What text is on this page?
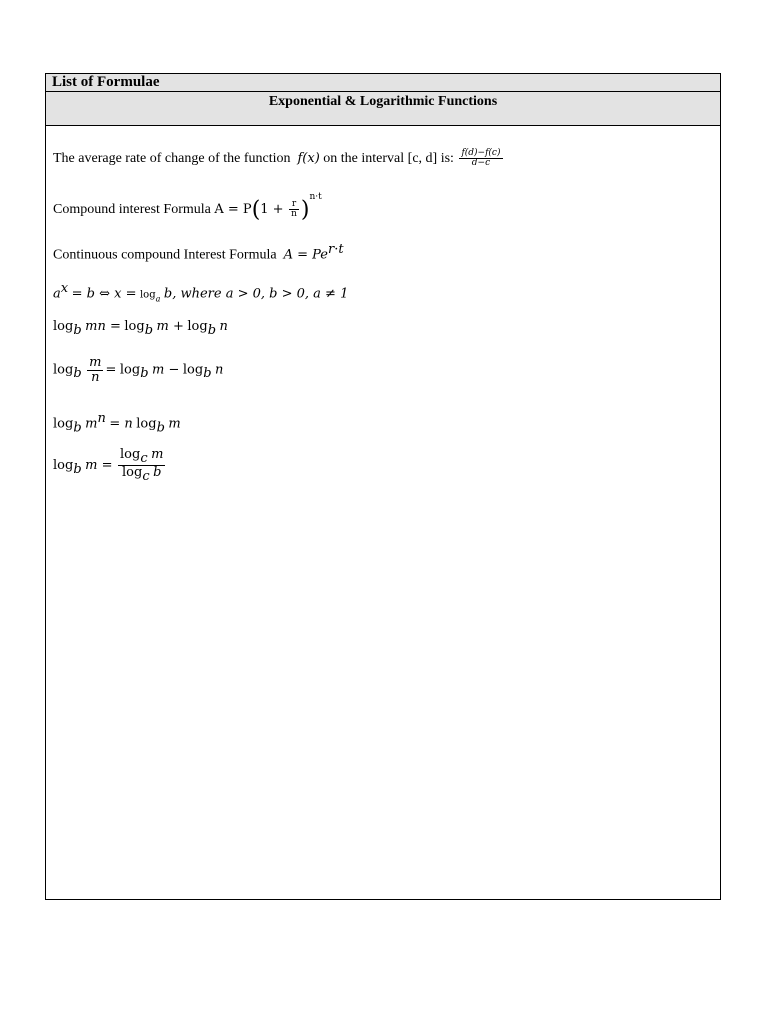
List of Formulae
Exponential & Logarithmic Functions
The average rate of change of the function f(x) on the interval [c, d] is: $\frac{f(d)-f(c)}{d-c}$
Compound interest Formula $A = P(1 + \frac{r}{n} )^{n\cdot t}$
Continuous compound Interest Formula $A = Pe^{r\cdot t}$
$a^x = b$ ⇔ $x = \log_a b$, where a > 0, b > 0, a ≠ 1
$\log_b$ mn = $\log_b m + \log_b n$
$\log_b \frac{m}{n} = \log_b m - \log_b n$
$\log_b m^n = n$ $\log_b m$
$\log_b m = \frac{\log_c m}{\log_c b}$
